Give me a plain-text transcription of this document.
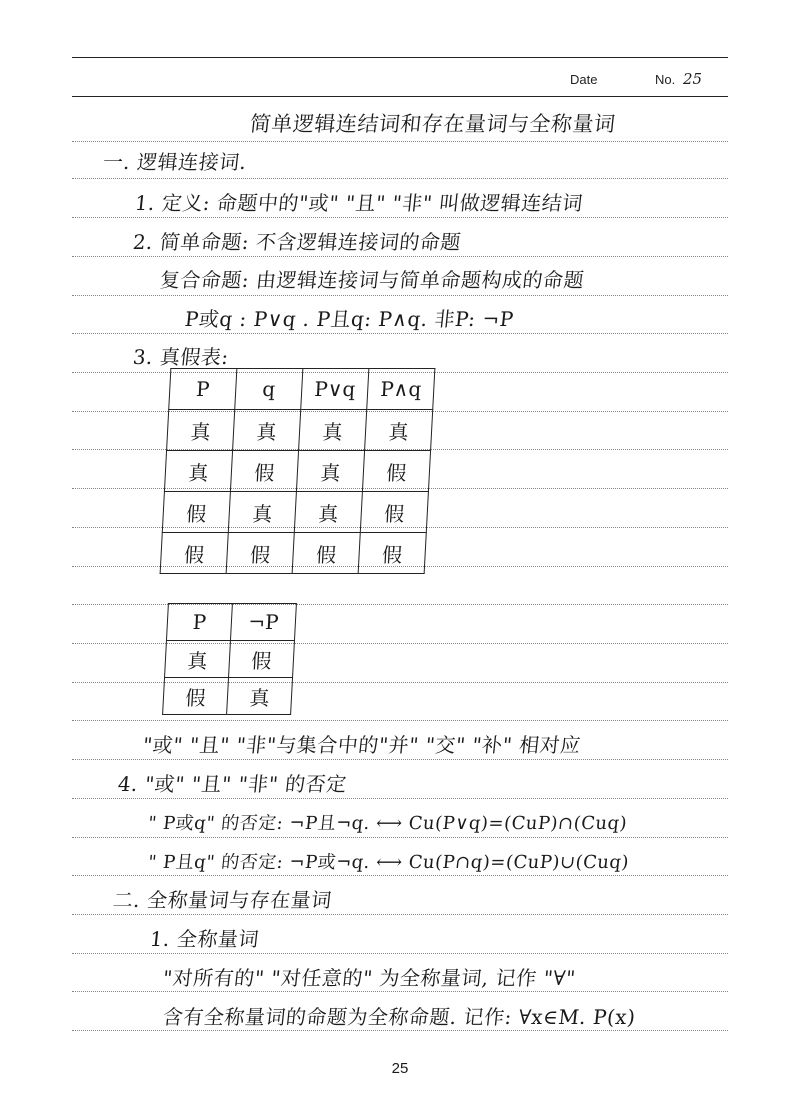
Date	No. 25
简单逻辑连结词和存在量词与全称量词
一. 逻辑连接词.
1. 定义: 命题中的"或" "且" "非" 叫做逻辑连结词
2. 简单命题: 不含逻辑连接词的命题
复合命题: 由逻辑连接词与简单命题构成的命题
P或q : P∨q . P且q: P∧q. 非P: ¬P
3. 真假表:
P	q	P∨q	P∧q
真	真	真	真
真	假	真	假
假	真	真	假
假	假	假	假
P	¬P
真	假
假	真
"或" "且" "非"与集合中的"并" "交" "补" 相对应
4. "或" "且" "非" 的否定
" P或q" 的否定: ¬P且¬q. ⟷ Cu(P∨q)=(CuP)∩(Cuq)
" P且q" 的否定: ¬P或¬q. ⟷ Cu(P∩q)=(CuP)∪(Cuq)
二. 全称量词与存在量词
1. 全称量词
"对所有的" "对任意的" 为全称量词, 记作 "∀"
含有全称量词的命题为全称命题. 记作: ∀x∈M. P(x)
25
